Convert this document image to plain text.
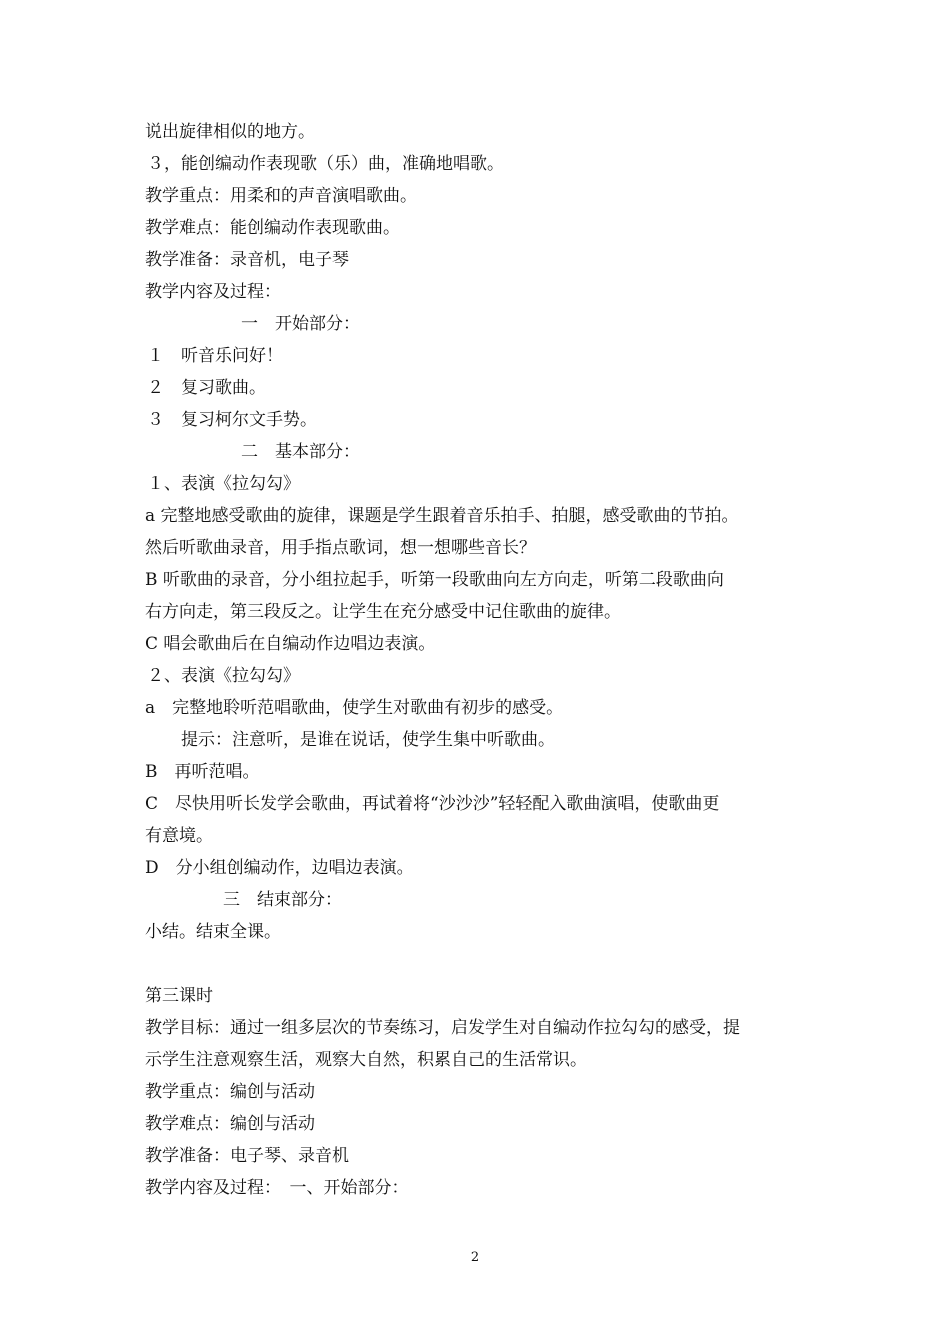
说出旋律相似的地方。
３，能创编动作表现歌（乐）曲，准确地唱歌。
教学重点：用柔和的声音演唱歌曲。
教学难点：能创编动作表现歌曲。
教学准备：录音机，电子琴
教学内容及过程：
一　开始部分：
１　听音乐问好！
２　复习歌曲。
３　复习柯尔文手势。
二　基本部分：
１、表演《拉勾勾》
a 完整地感受歌曲的旋律，课题是学生跟着音乐拍手、拍腿，感受歌曲的节拍。
然后听歌曲录音，用手指点歌词，想一想哪些音长？
B 听歌曲的录音，分小组拉起手，听第一段歌曲向左方向走，听第二段歌曲向
右方向走，第三段反之。让学生在充分感受中记住歌曲的旋律。
C 唱会歌曲后在自编动作边唱边表演。
２、表演《拉勾勾》
a　完整地聆听范唱歌曲，使学生对歌曲有初步的感受。
提示：注意听，是谁在说话，使学生集中听歌曲。
B　再听范唱。
C　尽快用听长发学会歌曲，再试着将“沙沙沙”轻轻配入歌曲演唱，使歌曲更
有意境。
D　分小组创编动作，边唱边表演。
三　结束部分：
小结。结束全课。
第三课时
教学目标：通过一组多层次的节奏练习，启发学生对自编动作拉勾勾的感受，提
示学生注意观察生活，观察大自然，积累自己的生活常识。
教学重点：编创与活动
教学难点：编创与活动
教学准备：电子琴、录音机
教学内容及过程：　一、开始部分：
2
